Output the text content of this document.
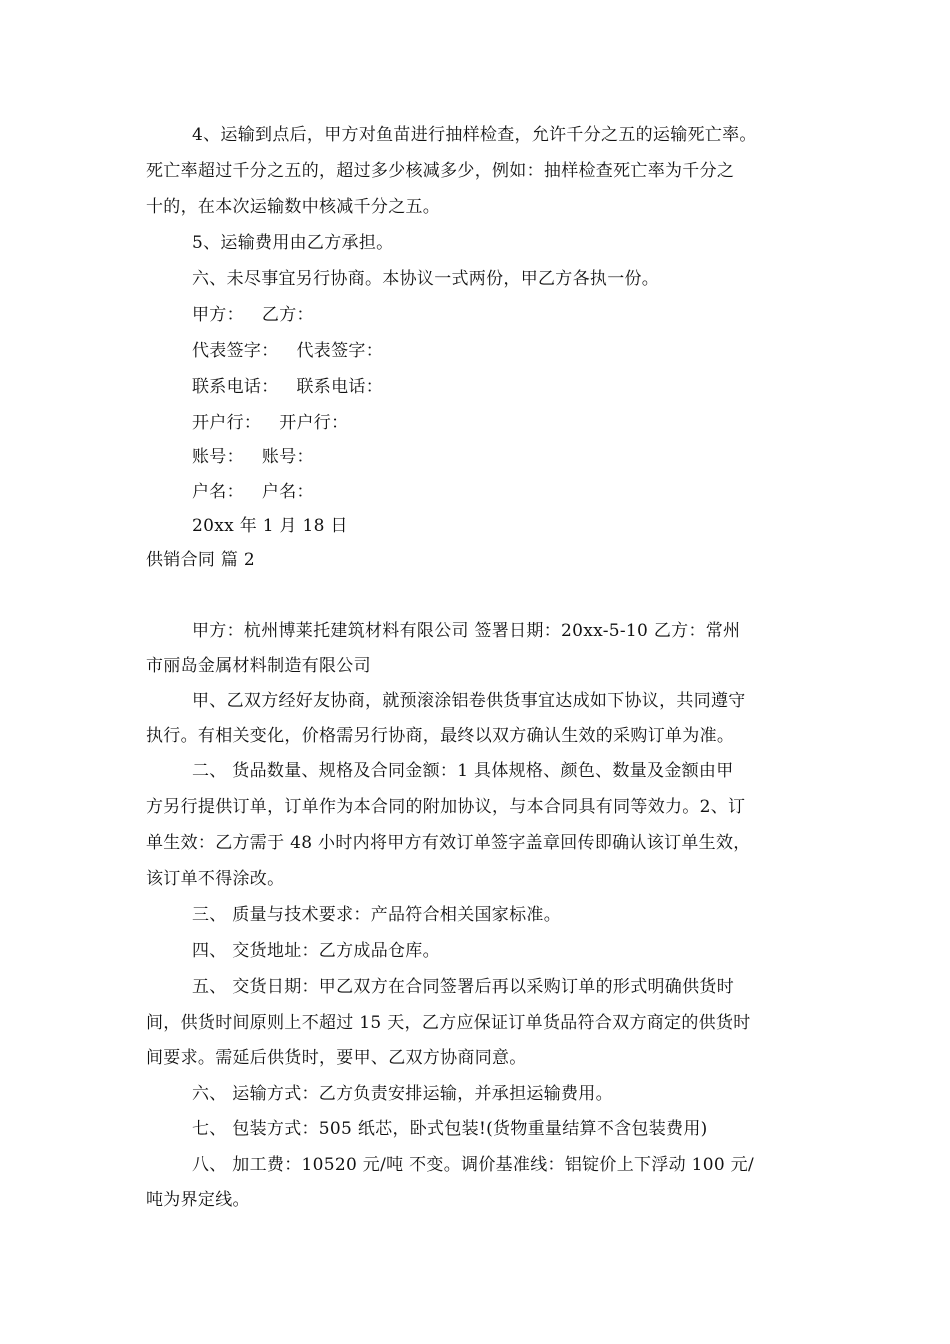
4、运输到点后，甲方对鱼苗进行抽样检查，允许千分之五的运输死亡率。
死亡率超过千分之五的，超过多少核减多少，例如：抽样检查死亡率为千分之
十的，在本次运输数中核减千分之五。
5、运输费用由乙方承担。
六、未尽事宜另行协商。本协议一式两份，甲乙方各执一份。
甲方： 乙方：
代表签字： 代表签字：
联系电话： 联系电话：
开户行： 开户行：
账号： 账号：
户名： 户名：
20xx 年 1 月 18 日
供销合同 篇 2
甲方：杭州博莱托建筑材料有限公司 签署日期：20xx-5-10 乙方：常州
市丽岛金属材料制造有限公司
甲、乙双方经好友协商，就预滚涂铝卷供货事宜达成如下协议，共同遵守
执行。有相关变化，价格需另行协商，最终以双方确认生效的采购订单为准。
二、 货品数量、规格及合同金额：1 具体规格、颜色、数量及金额由甲
方另行提供订单，订单作为本合同的附加协议，与本合同具有同等效力。2、订
单生效：乙方需于 48 小时内将甲方有效订单签字盖章回传即确认该订单生效，
该订单不得涂改。
三、 质量与技术要求：产品符合相关国家标准。
四、 交货地址：乙方成品仓库。
五、 交货日期：甲乙双方在合同签署后再以采购订单的形式明确供货时
间，供货时间原则上不超过 15 天，乙方应保证订单货品符合双方商定的供货时
间要求。需延后供货时，要甲、乙双方协商同意。
六、 运输方式：乙方负责安排运输，并承担运输费用。
七、 包装方式：505 纸芯，卧式包装!(货物重量结算不含包装费用)
八、 加工费：10520 元/吨 不变。调价基准线：铝锭价上下浮动 100 元/
吨为界定线。
